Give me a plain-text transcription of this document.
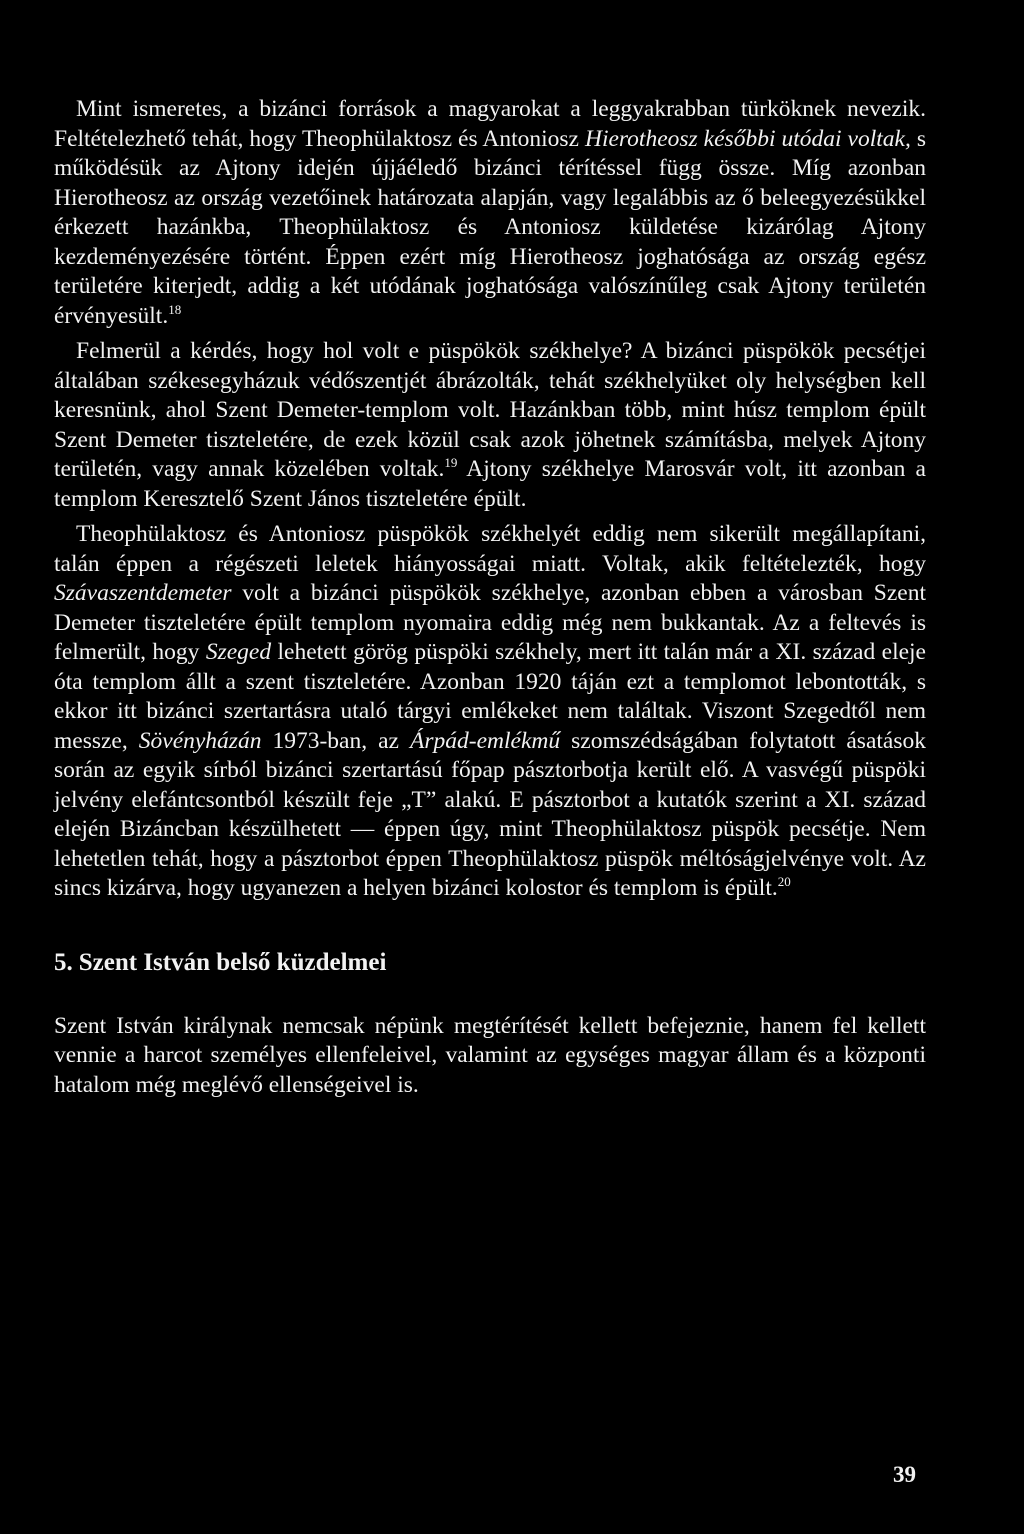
Mint ismeretes, a bizánci források a magyarokat a leggyakrabban türköknek nevezik. Feltételezhető tehát, hogy Theophülaktosz és Antoniosz Hierotheosz későbbi utódai voltak, s működésük az Ajtony idején újjáéledő bizánci térítéssel függ össze. Míg azonban Hierotheosz az ország vezetőinek határozata alapján, vagy legalábbis az ő beleegyezésükkel érkezett hazánkba, Theophülaktosz és Antoniosz küldetése kizárólag Ajtony kezdeményezésére történt. Éppen ezért míg Hierotheosz joghatósága az ország egész területére kiterjedt, addig a két utódának joghatósága valószínűleg csak Ajtony területén érvényesült.$^{18}$

Felmerül a kérdés, hogy hol volt e püspökök székhelye? A bizánci püspökök pecsétjei általában székesegyházuk védőszentjét ábrázolták, tehát székhelyüket oly helységben kell keresnünk, ahol Szent Demeter-templom volt. Hazánkban több, mint húsz templom épült Szent Demeter tiszteletére, de ezek közül csak azok jöhetnek számításba, melyek Ajtony területén, vagy annak közelében voltak.$^{19}$ Ajtony székhelye Marosvár volt, itt azonban a templom Keresztelő Szent János tiszteletére épült.

Theophülaktosz és Antoniosz püspökök székhelyét eddig nem sikerült megállapítani, talán éppen a régészeti leletek hiányosságai miatt. Voltak, akik feltételezték, hogy Szávaszentdemeter volt a bizánci püspökök székhelye, azonban ebben a városban Szent Demeter tiszteletére épült templom nyomaira eddig még nem bukkantak. Az a feltevés is felmerült, hogy Szeged lehetett görög püspöki székhely, mert itt talán már a XI. század eleje óta templom állt a szent tiszteletére. Azonban 1920 táján ezt a templomot lebontották, s ekkor itt bizánci szertartásra utaló tárgyi emlékeket nem találtak. Viszont Szegedtől nem messze, Sövényházán 1973-ban, az Árpád-emlékmű szomszédságában folytatott ásatások során az egyik sírból bizánci szertartású főpap pásztorbotja került elő. A vasvégű püspöki jelvény elefántcsontból készült feje „T” alakú. E pásztorbot a kutatók szerint a XI. század elején Bizáncban készülhetett — éppen úgy, mint Theophülaktosz püspök pecsétje. Nem lehetetlen tehát, hogy a pásztorbot éppen Theophülaktosz püspök méltóságjelvénye volt. Az sincs kizárva, hogy ugyanezen a helyen bizánci kolostor és templom is épült.$^{20}$

5. Szent István belső küzdelmei

Szent István királynak nemcsak népünk megtérítését kellett befejeznie, hanem fel kellett vennie a harcot személyes ellenfeleivel, valamint az egységes magyar állam és a központi hatalom még meglévő ellenségeivel is.

39
